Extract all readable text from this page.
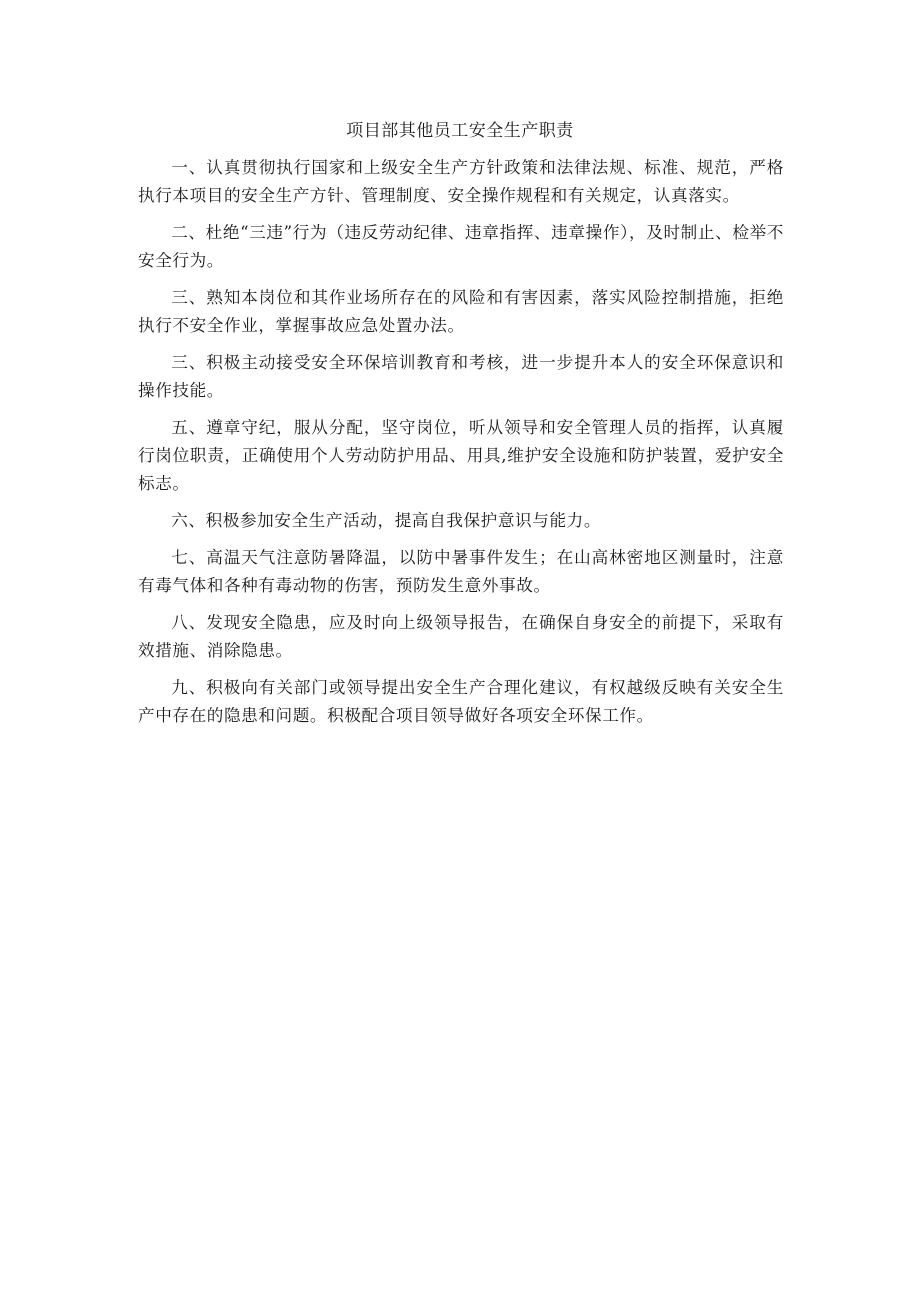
项目部其他员工安全生产职责

一、认真贯彻执行国家和上级安全生产方针政策和法律法规、标准、规范，严格执行本项目的安全生产方针、管理制度、安全操作规程和有关规定，认真落实。

二、杜绝“三违”行为（违反劳动纪律、违章指挥、违章操作），及时制止、检举不安全行为。

三、熟知本岗位和其作业场所存在的风险和有害因素，落实风险控制措施，拒绝执行不安全作业，掌握事故应急处置办法。

三、积极主动接受安全环保培训教育和考核，进一步提升本人的安全环保意识和操作技能。

五、遵章守纪，服从分配，坚守岗位，听从领导和安全管理人员的指挥，认真履行岗位职责，正确使用个人劳动防护用品、用具,维护安全设施和防护装置，爱护安全标志。

六、积极参加安全生产活动，提高自我保护意识与能力。

七、高温天气注意防暑降温，以防中暑事件发生；在山高林密地区测量时，注意有毒气体和各种有毒动物的伤害，预防发生意外事故。

八、发现安全隐患，应及时向上级领导报告，在确保自身安全的前提下，采取有效措施、消除隐患。

九、积极向有关部门或领导提出安全生产合理化建议，有权越级反映有关安全生产中存在的隐患和问题。积极配合项目领导做好各项安全环保工作。
